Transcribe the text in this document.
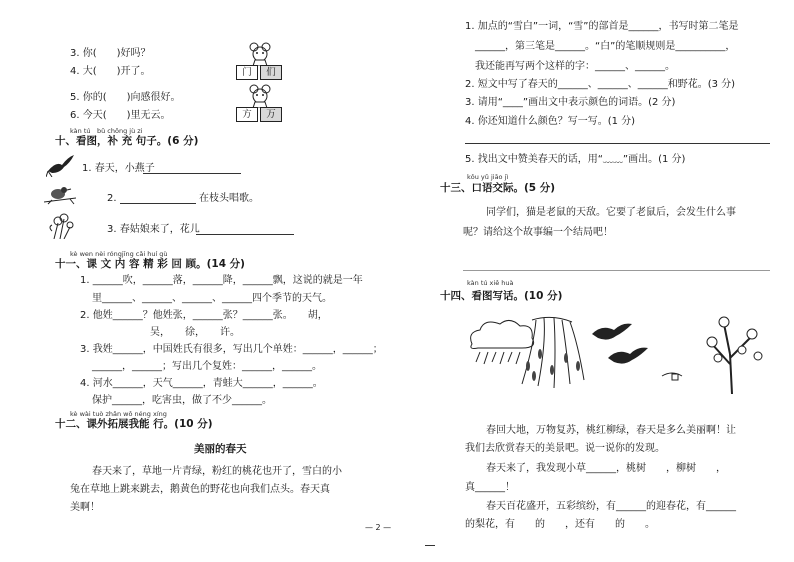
3. 你(　　)好吗？
4. 大(　　)开了。	门	们
5. 你的(　　)向感很好。
6. 今天(　　)里无云。	方	万
kàn tú　bǔ chōng jù zi
十、看图，补 充 句子。(6 分)
1. 春天，小燕子
2.	在枝头唱歌。
3. 春姑娘来了，花儿
kè wen nèi róngjīng cǎi huí gù
十一、课 文 内 容 精 彩 回 顾。(14 分)
1. ______吹，______落，______降，______飘，这说的就是一年
里______、______、______、______四个季节的天气。
2. 他姓______？他姓张，______张？______张。　　胡，
吴，　　徐，　　许。
3. 我姓______，中国姓氏有很多，写出几个单姓：______，______；
______，______；写出几个复姓：______，______。
4. 河水______，天气______，青蛙大______，______。
保护______，吃害虫，做了不少______。
kè wài tuò zhǎn wǒ néng xíng
十二、课外拓展我能 行。(10 分)
美丽的春天
春天来了，草地一片青绿，粉红的桃花也开了，雪白的小
兔在草地上跳来跳去，鹅黄色的野花也向我们点头。春天真
美啊！
— 2 —
1. 加点的“雪白”一词，“雪”的部首是______，书写时第二笔是
______，第三笔是______。“白”的笔顺规则是__________，
我还能再写两个这样的字：______、______。
2. 短文中写了春天的______、______、______和野花。(3 分)
3. 请用“____”画出文中表示颜色的词语。(2 分)
4. 你还知道什么颜色？写一写。(1 分)
5. 找出文中赞美春天的话，用“﹏﹏”画出。(1 分)
kǒu yǔ jiāo jì
十三、口语交际。(5 分)
同学们，猫是老鼠的天敌。它要了老鼠后，会发生什么事
呢？请给这个故事编一个结局吧！
kàn tú xiě huà
十四、看图写话。(10 分)
春回大地，万物复苏，桃红柳绿，春天是多么美丽啊！让
我们去欣赏春天的美景吧。说一说你的发现。
春天来了，我发现小草______，桃树　　，柳树　　，
真______！
春天百花盛开，五彩缤纷，有______的迎春花，有______
的梨花，有　　的　　，还有　　的　　。
